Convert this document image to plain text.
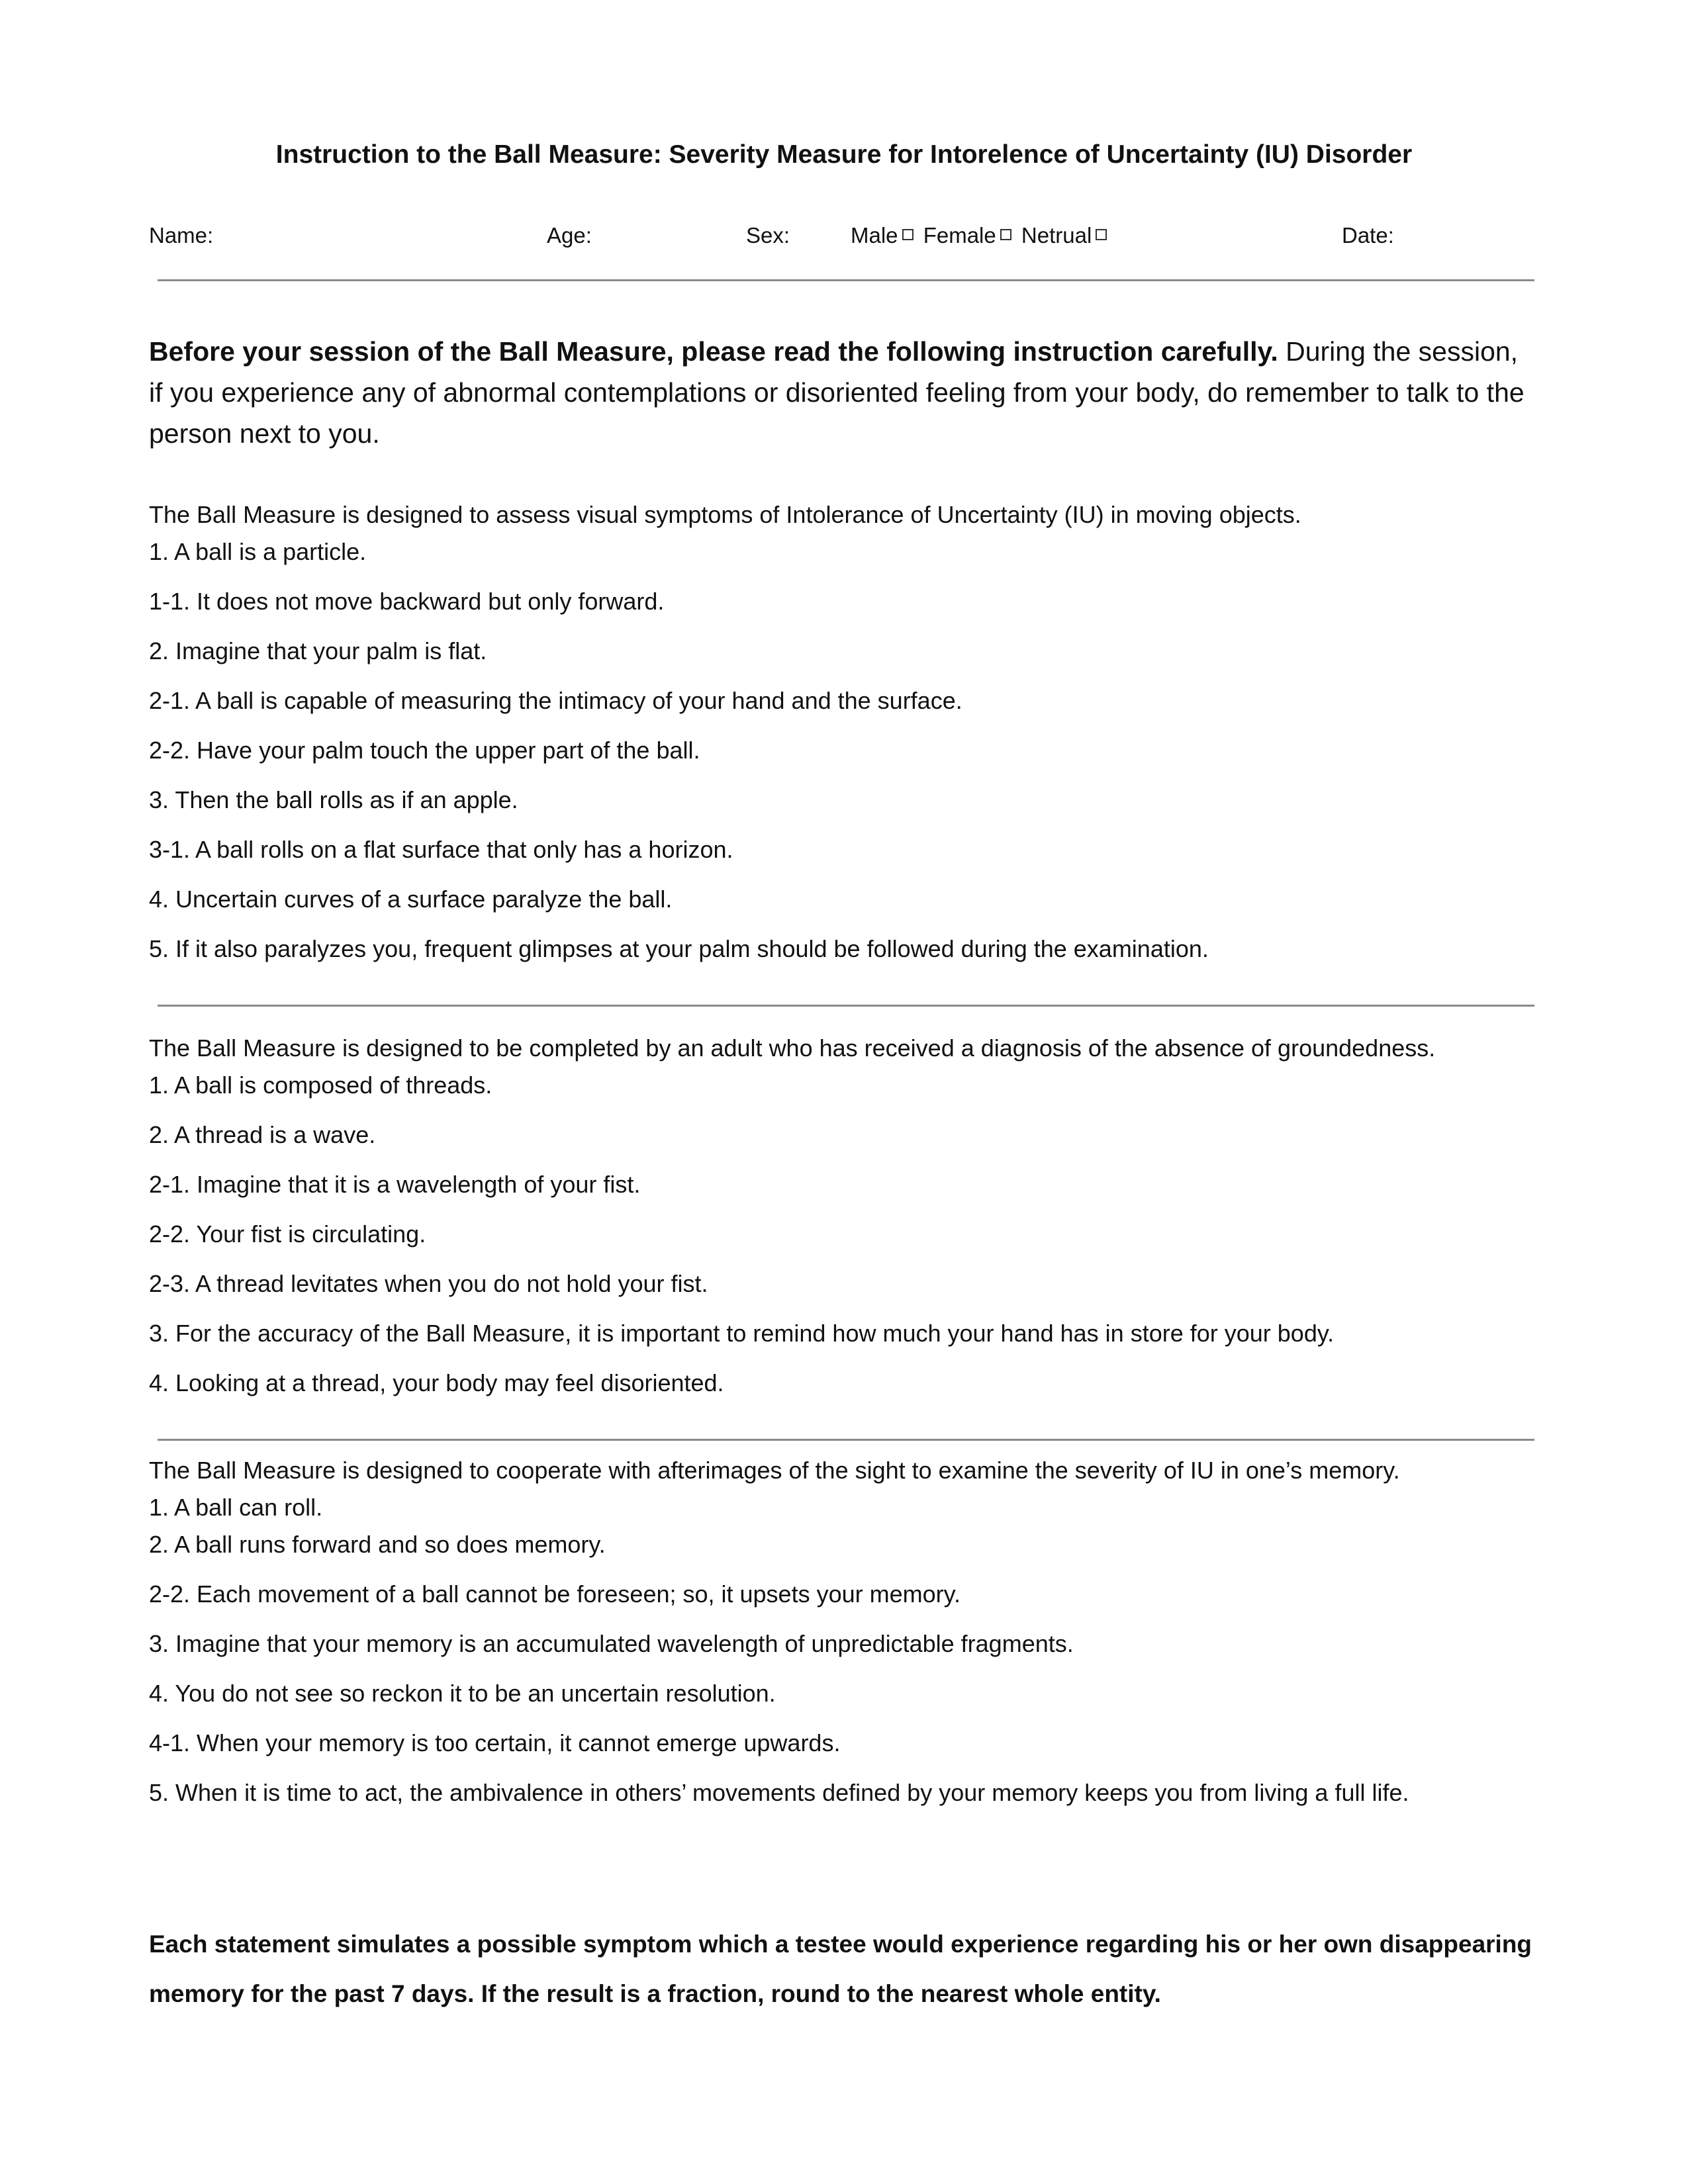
Instruction to the Ball Measure: Severity Measure for Intorelence of Uncertainty (IU) Disorder
Name:	Age:	Sex:	Male Female Netrual	Date:
Before your session of the Ball Measure, please read the following instruction carefully. During the session, if you experience any of abnormal contemplations or disoriented feeling from your body, do remember to talk to the person next to you.
The Ball Measure is designed to assess visual symptoms of Intolerance of Uncertainty (IU) in moving objects.
1. A ball is a particle.
1-1. It does not move backward but only forward.
2. Imagine that your palm is flat.
2-1. A ball is capable of measuring the intimacy of your hand and the surface.
2-2. Have your palm touch the upper part of the ball.
3. Then the ball rolls as if an apple.
3-1. A ball rolls on a flat surface that only has a horizon.
4. Uncertain curves of a surface paralyze the ball.
5. If it also paralyzes you, frequent glimpses at your palm should be followed during the examination.
The Ball Measure is designed to be completed by an adult who has received a diagnosis of the absence of groundedness.
1. A ball is composed of threads.
2. A thread is a wave.
2-1. Imagine that it is a wavelength of your fist.
2-2. Your fist is circulating.
2-3. A thread levitates when you do not hold your fist.
3. For the accuracy of the Ball Measure, it is important to remind how much your hand has in store for your body.
4. Looking at a thread, your body may feel disoriented.
The Ball Measure is designed to cooperate with afterimages of the sight to examine the severity of IU in one’s memory.
1. A ball can roll.
2. A ball runs forward and so does memory.
2-2. Each movement of a ball cannot be foreseen; so, it upsets your memory.
3. Imagine that your memory is an accumulated wavelength of unpredictable fragments.
4. You do not see so reckon it to be an uncertain resolution.
4-1. When your memory is too certain, it cannot emerge upwards.
5. When it is time to act, the ambivalence in others’ movements defined by your memory keeps you from living a full life.
Each statement simulates a possible symptom which a testee would experience regarding his or her own disappearing memory for the past 7 days. If the result is a fraction, round to the nearest whole entity.
